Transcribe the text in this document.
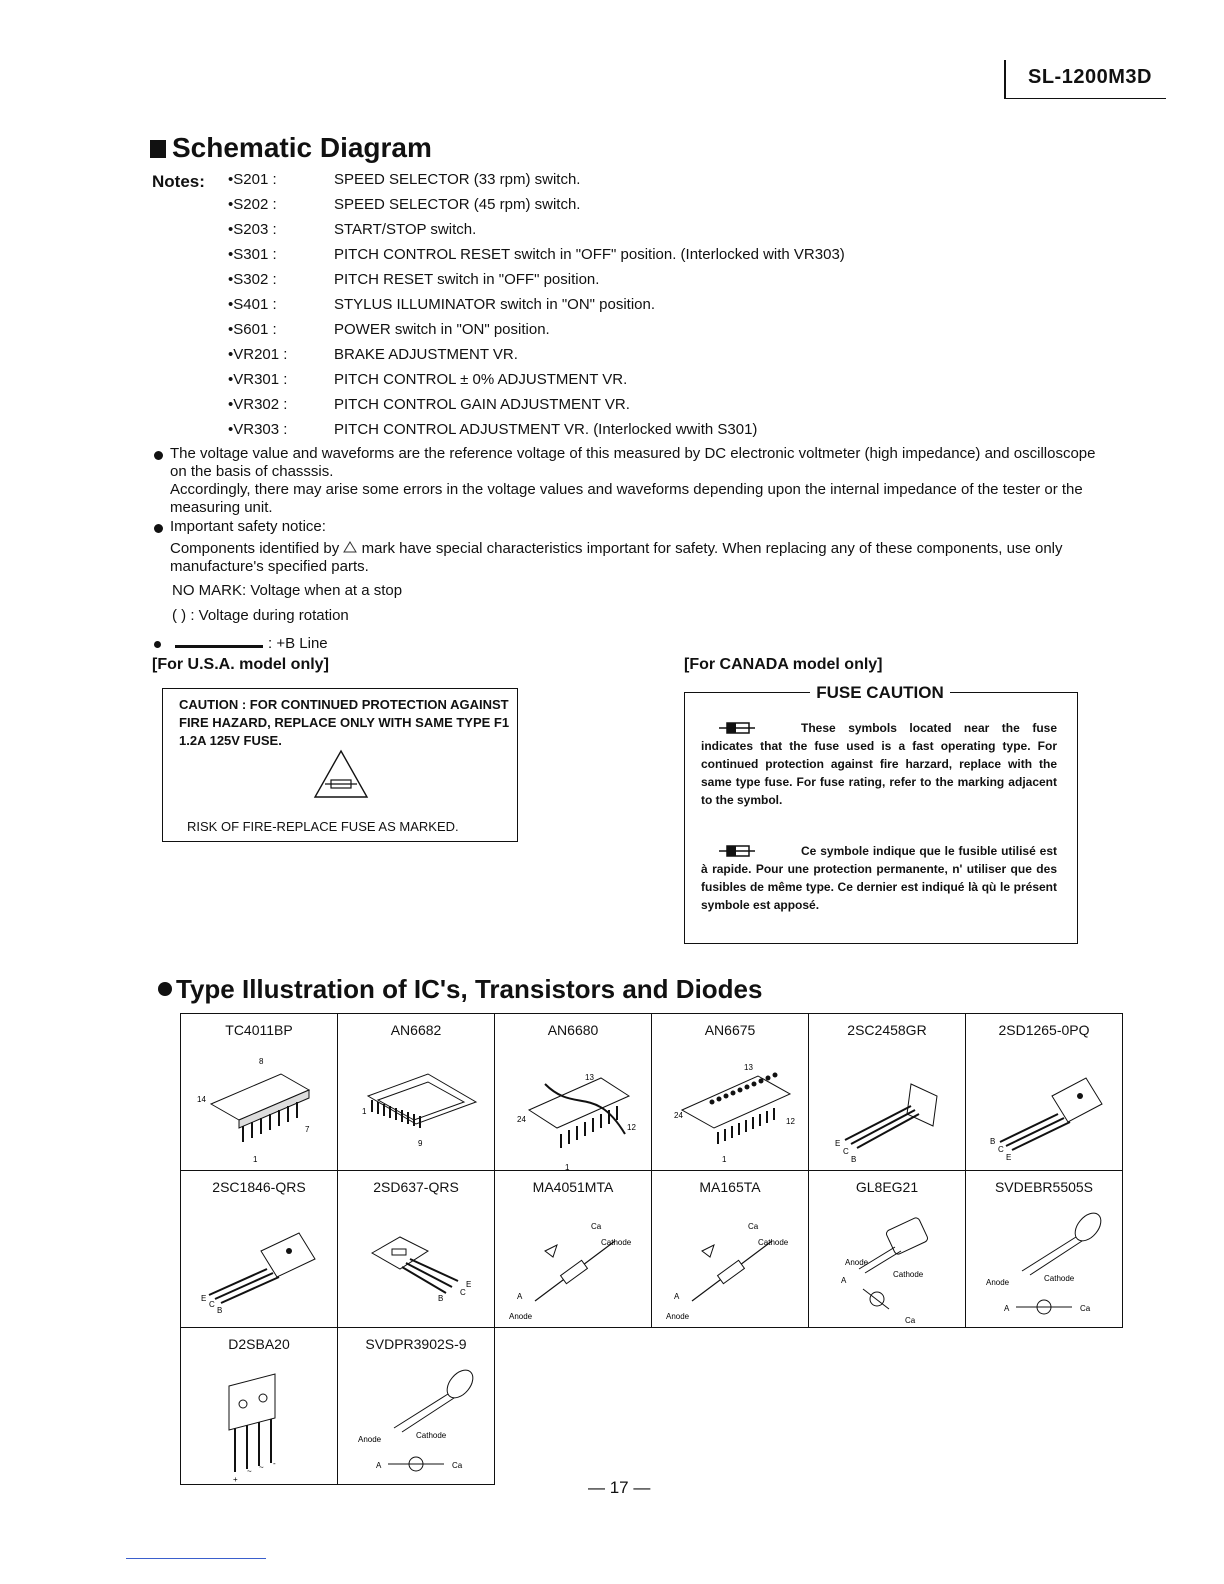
SL-1200M3D
Schematic Diagram
Notes: •S201 :	SPEED SELECTOR (33 rpm) switch.
•S202 :	SPEED SELECTOR (45 rpm) switch.
•S203 :	START/STOP switch.
•S301 :	PITCH CONTROL RESET switch in "OFF" position. (Interlocked with VR303)
•S302 :	PITCH RESET switch in "OFF" position.
•S401 :	STYLUS ILLUMINATOR switch in "ON" position.
•S601 :	POWER switch in "ON" position.
•VR201 :	BRAKE ADJUSTMENT VR.
•VR301 :	PITCH CONTROL ± 0% ADJUSTMENT VR.
•VR302 :	PITCH CONTROL GAIN ADJUSTMENT VR.
•VR303 :	PITCH CONTROL ADJUSTMENT VR. (Interlocked wwith S301)
The voltage value and waveforms are the reference voltage of this measured by DC electronic voltmeter (high impedance) and oscilloscope on the basis of chasssis.
Accordingly, there may arise some errors in the voltage values and waveforms depending upon the internal impedance of the tester or the measuring unit.
Important safety notice:
Components identified by mark have special characteristics important for safety. When replacing any of these components, use only manufacture's specified parts.
NO MARK: Voltage when at a stop
( ) : Voltage during rotation
: +B Line
[For U.S.A. model only]
CAUTION : FOR CONTINUED PROTECTION AGAINST FIRE HAZARD, REPLACE ONLY WITH SAME TYPE F1 1.2A 125V FUSE.
RISK OF FIRE-REPLACE FUSE AS MARKED.
[For CANADA model only]
These symbols located near the fuse indicates that the fuse used is a fast operating type. For continued protection against fire harzard, replace with the same type fuse. For fuse rating, refer to the marking adjacent to the symbol.
Ce symbole indique que le fusible utilisé est à rapide. Pour une protection permanente, n' utiliser que des fusibles de même type. Ce dernier est indiqué là qù le présent symbole est apposé.
FUSE CAUTION
Type Illustration of IC's, Transistors and Diodes
TC4011BP
8
14
7
1
AN6682
1
9
AN6680
13
24
12
1
AN6675
13
24
12
1
2SC2458GR
E
C
B
2SD1265-0PQ
B
C
E
2SC1846-QRS
E
C
B
2SD637-QRS
E
C
B
MA4051MTA
Ca
Cathode
A
Anode
MA165TA
Ca
Cathode
A
Anode
GL8EG21
Anode
A
Cathode
Ca
SVDEBR5505S
Anode	Cathode
A	Ca
D2SBA20
+
~ ~ -
SVDPR3902S-9
Anode	Cathode
A	Ca
— 17 —
